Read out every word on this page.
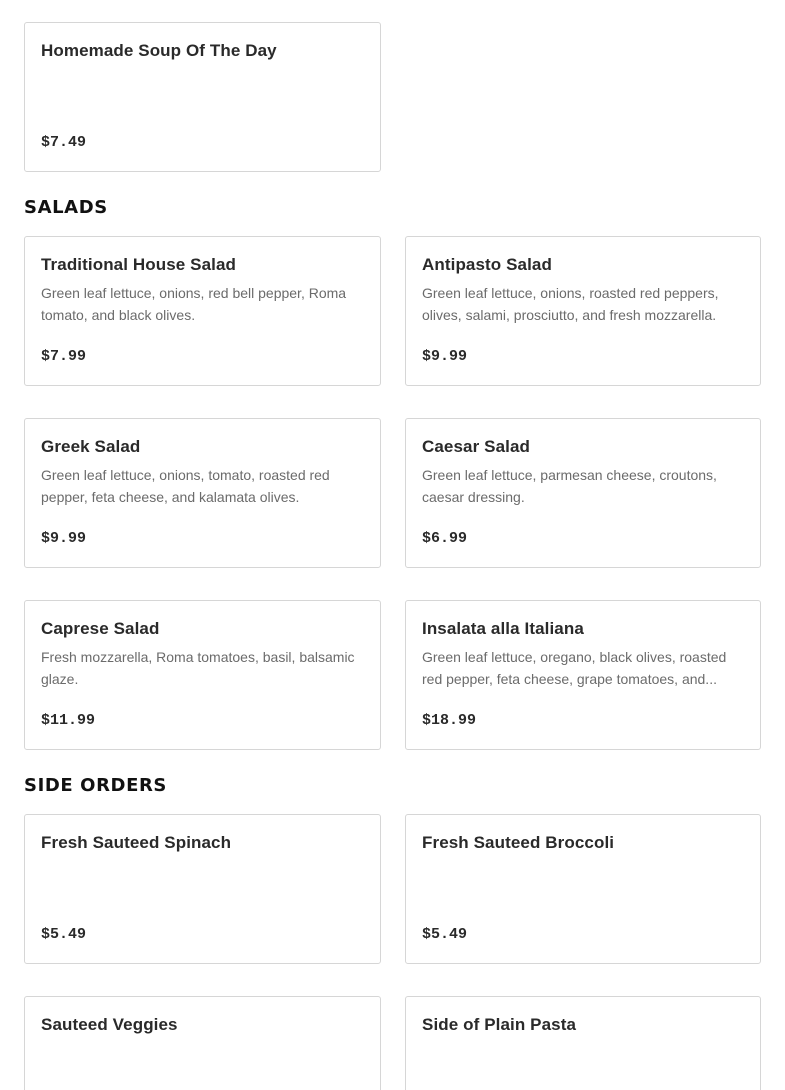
Homemade Soup Of The Day
$7.49
SALADS
Traditional House Salad
Green leaf lettuce, onions, red bell pepper, Roma tomato, and black olives.
$7.99
Antipasto Salad
Green leaf lettuce, onions, roasted red peppers, olives, salami, prosciutto, and fresh mozzarella.
$9.99
Greek Salad
Green leaf lettuce, onions, tomato, roasted red pepper, feta cheese, and kalamata olives.
$9.99
Caesar Salad
Green leaf lettuce, parmesan cheese, croutons, caesar dressing.
$6.99
Caprese Salad
Fresh mozzarella, Roma tomatoes, basil, balsamic glaze.
$11.99
Insalata alla Italiana
Green leaf lettuce, oregano, black olives, roasted red pepper, feta cheese, grape tomatoes, and...
$18.99
SIDE ORDERS
Fresh Sauteed Spinach
$5.49
Fresh Sauteed Broccoli
$5.49
Sauteed Veggies	Side of Plain Pasta
